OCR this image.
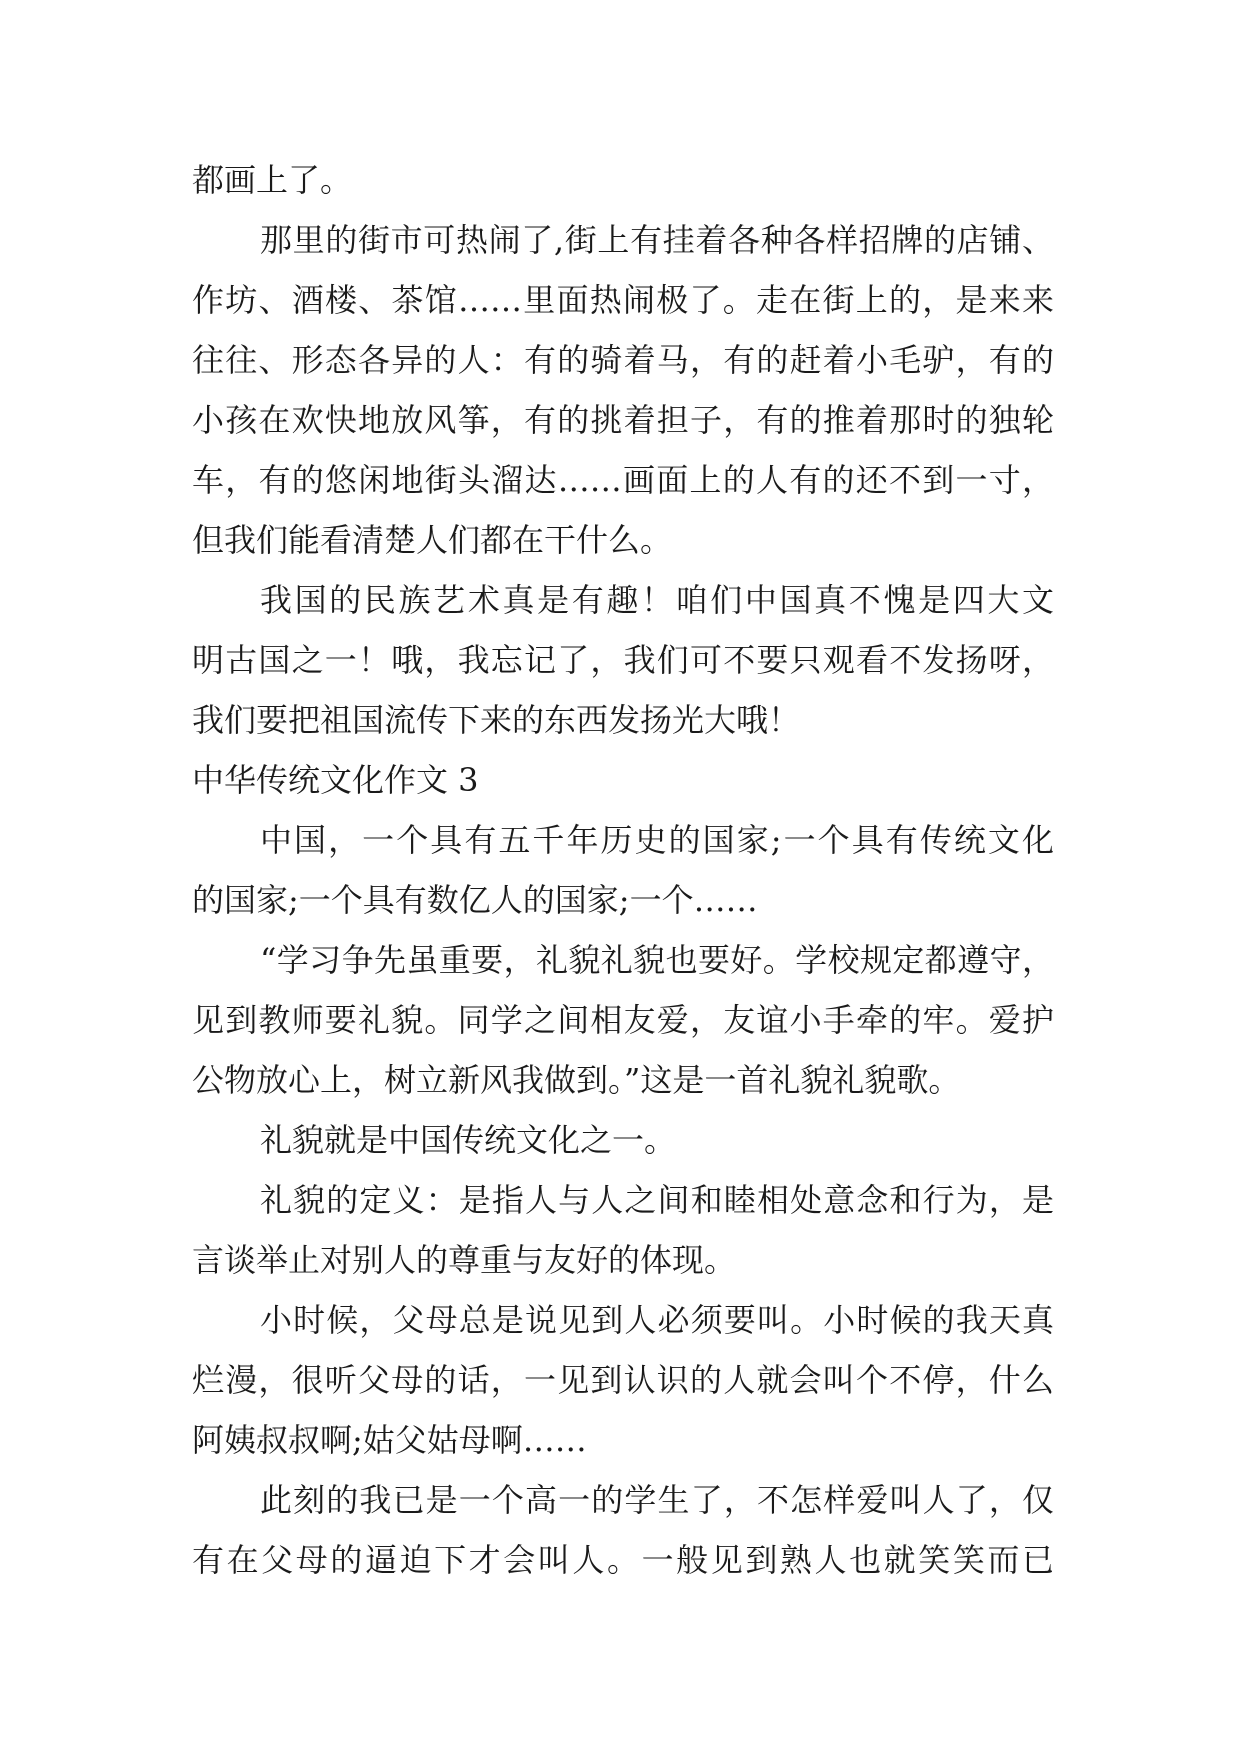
都画上了。
那里的街市可热闹了,街上有挂着各种各样招牌的店铺、
作坊、酒楼、茶馆……里面热闹极了。走在街上的，是来来
往往、形态各异的人：有的骑着马，有的赶着小毛驴，有的
小孩在欢快地放风筝，有的挑着担子，有的推着那时的独轮
车，有的悠闲地街头溜达……画面上的人有的还不到一寸，
但我们能看清楚人们都在干什么。
我国的民族艺术真是有趣！咱们中国真不愧是四大文
明古国之一！哦，我忘记了，我们可不要只观看不发扬呀，
我们要把祖国流传下来的东西发扬光大哦！
中华传统文化作文 3
中国，一个具有五千年历史的国家;一个具有传统文化
的国家;一个具有数亿人的国家;一个……
“学习争先虽重要，礼貌礼貌也要好。学校规定都遵守，
见到教师要礼貌。同学之间相友爱，友谊小手牵的牢。爱护
公物放心上，树立新风我做到。”这是一首礼貌礼貌歌。
礼貌就是中国传统文化之一。
礼貌的定义：是指人与人之间和睦相处意念和行为，是
言谈举止对别人的尊重与友好的体现。
小时候，父母总是说见到人必须要叫。小时候的我天真
烂漫，很听父母的话，一见到认识的人就会叫个不停，什么
阿姨叔叔啊;姑父姑母啊……
此刻的我已是一个高一的学生了，不怎样爱叫人了，仅
有在父母的逼迫下才会叫人。一般见到熟人也就笑笑而已
